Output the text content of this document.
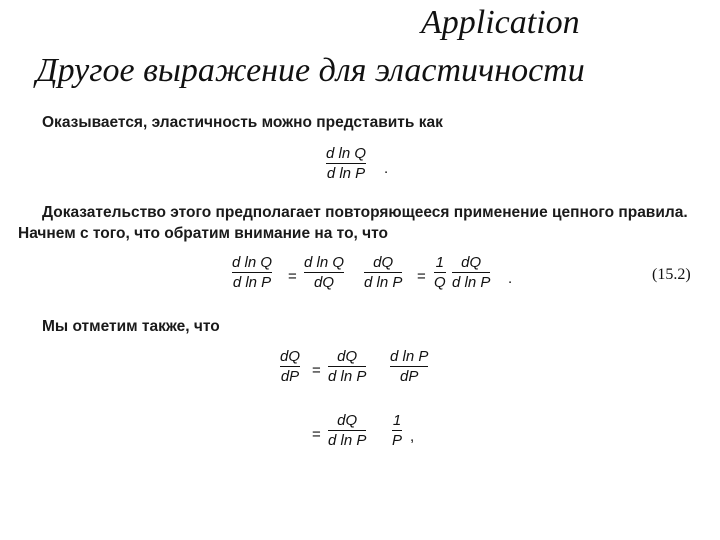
Application
Другое выражение для эластичности
Оказывается, эластичность можно представить как
d ln Q
d ln P .
Доказательство этого предполагает повторяющееся применение цепного правила.
Начнем с того, что обратим внимание на то, что
d ln Q
d ln P =
d ln Q
dQ
dQ
d ln P =
1
Q
dQ
d ln P .	(15.2)
Мы отметим также, что
dQ
dP =
dQ
d ln P
d ln P
dP
=
dQ
d ln P
1
P ,
